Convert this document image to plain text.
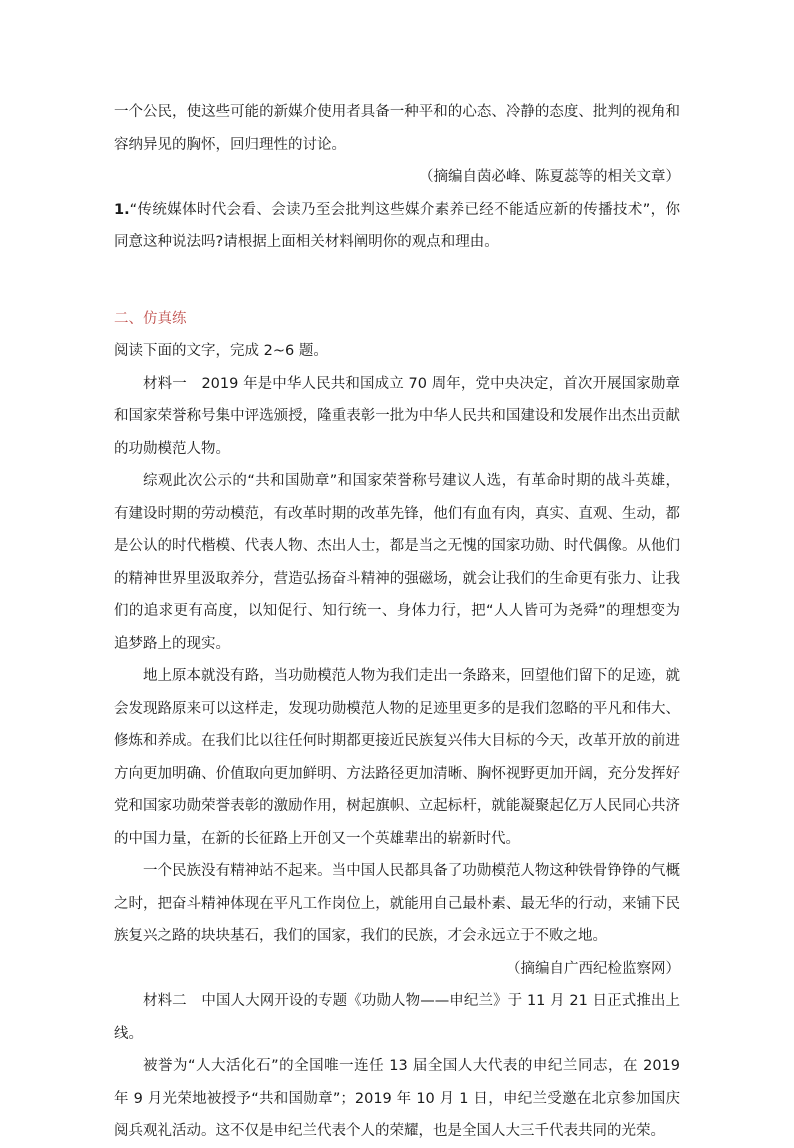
一个公民，使这些可能的新媒介使用者具备一种平和的心态、冷静的态度、批判的视角和容纳异见的胸怀，回归理性的讨论。

（摘编自茵必峰、陈夏蕊等的相关文章）

1.“传统媒体时代会看、会读乃至会批判这些媒介素养已经不能适应新的传播技术”，你同意这种说法吗?请根据上面相关材料阐明你的观点和理由。

二、仿真练

阅读下面的文字，完成 2~6 题。

材料一　2019 年是中华人民共和国成立 70 周年，党中央决定，首次开展国家勋章和国家荣誉称号集中评选颁授，隆重表彰一批为中华人民共和国建设和发展作出杰出贡献的功勋模范人物。

综观此次公示的“共和国勋章”和国家荣誉称号建议人选，有革命时期的战斗英雄，有建设时期的劳动模范，有改革时期的改革先锋，他们有血有肉，真实、直观、生动，都是公认的时代楷模、代表人物、杰出人士，都是当之无愧的国家功勋、时代偶像。从他们的精神世界里汲取养分，营造弘扬奋斗精神的强磁场，就会让我们的生命更有张力、让我们的追求更有高度，以知促行、知行统一、身体力行，把“人人皆可为尧舜”的理想变为追梦路上的现实。

地上原本就没有路，当功勋模范人物为我们走出一条路来，回望他们留下的足迹，就会发现路原来可以这样走，发现功勋模范人物的足迹里更多的是我们忽略的平凡和伟大、修炼和养成。在我们比以往任何时期都更接近民族复兴伟大目标的今天，改革开放的前进方向更加明确、价值取向更加鲜明、方法路径更加清晰、胸怀视野更加开阔，充分发挥好党和国家功勋荣誉表彰的激励作用，树起旗帜、立起标杆，就能凝聚起亿万人民同心共济的中国力量，在新的长征路上开创又一个英雄辈出的崭新时代。

一个民族没有精神站不起来。当中国人民都具备了功勋模范人物这种铁骨铮铮的气概之时，把奋斗精神体现在平凡工作岗位上，就能用自己最朴素、最无华的行动，来铺下民族复兴之路的块块基石，我们的国家，我们的民族，才会永远立于不败之地。

（摘编自广西纪检监察网）

材料二　中国人大网开设的专题《功勋人物——申纪兰》于 11 月 21 日正式推出上线。

被誉为“人大活化石”的全国唯一连任 13 届全国人大代表的申纪兰同志，在 2019 年 9 月光荣地被授予“共和国勋章”；2019 年 10 月 1 日，申纪兰受邀在北京参加国庆阅兵观礼活动。这不仅是申纪兰代表个人的荣耀，也是全国人大三千代表共同的光荣。
